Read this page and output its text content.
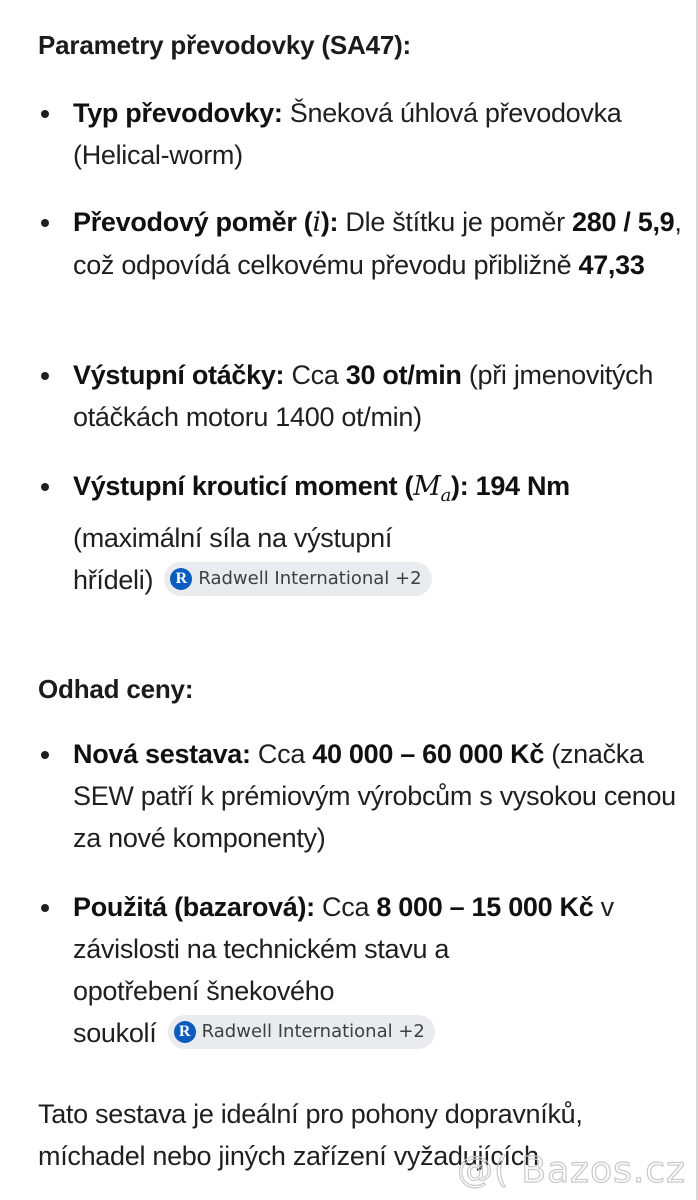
Parametry převodovky (SA47):
Typ převodovky: Šneková úhlová převodovka (Helical-worm)
Převodový poměr (i): Dle štítku je poměr 280 / 5,9, což odpovídá celkovému převodu přibližně 47,33
Výstupní otáčky: Cca 30 ot/min (při jmenovitých otáčkách motoru 1400 ot/min)
Výstupní krouticí moment $(M_a)$: 194 Nm
(maximální síla na výstupní
hřídeli)	R Radwell International +2
Odhad ceny:
Nová sestava: Cca 40 000 – 60 000 Kč (značka SEW patří k prémiovým výrobcům s vysokou cenou za nové komponenty)
Použitá (bazarová): Cca 8 000 – 15 000 Kč v závislosti na technickém stavu a
opotřebení šnekového
soukolí	R Radwell International +2
Tato sestava je ideální pro pohony dopravníků, míchadel nebo jiných zařízení vyžadujících
@( Bazos.cz
